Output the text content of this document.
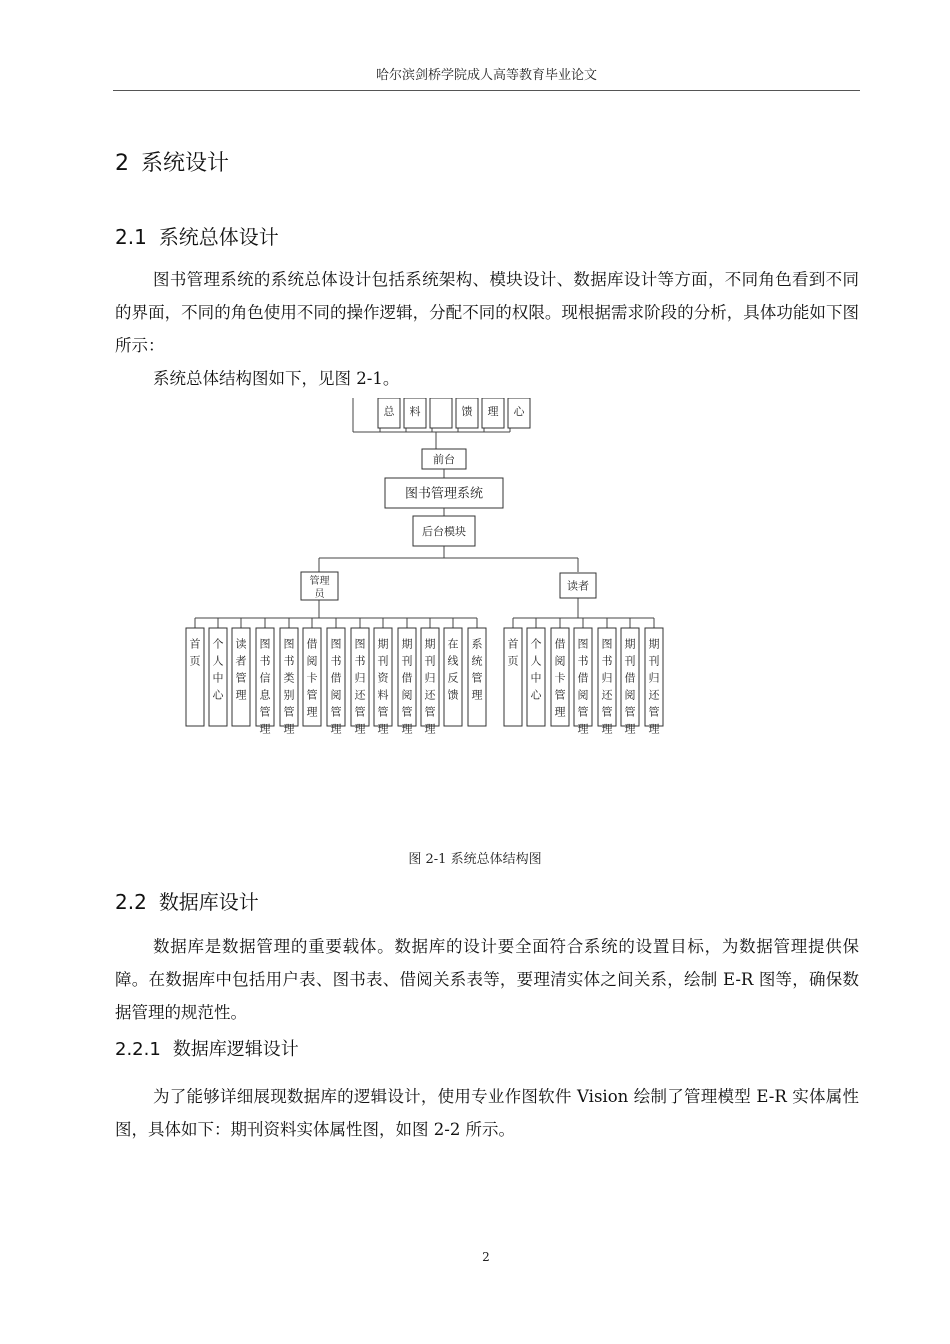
哈尔滨剑桥学院成人高等教育毕业论文
2 系统设计
2.1 系统总体设计

图书管理系统的系统总体设计包括系统架构、模块设计、数据库设计等方面，不同角色看到不同的界面，不同的角色使用不同的操作逻辑，分配不同的权限。现根据需求阶段的分析，具体功能如下图所示：

系统总体结构图如下，见图 2-1。

总 料	馈 理 心
前台
图书管理系统
后台模块
管理
员
读者
首
页
个
人
中
心
读
者
管
理
图
书
信
息
管
理
图
书
类
别
管
理
借
阅
卡
管
理
图
书
借
阅
管
理
图
书
归
还
管
理
期
刊
资
料
管
理
期
刊
借
阅
管
理
期
刊
归
还
管
理
在
线
反
馈
系
统
管
理
首
页
个
人
中
心
借
阅
卡
管
理
图
书
借
阅
管
理
图
书
归
还
管
理
期
刊
借
阅
管
理
期
刊
归
还
管
理
图 2-1 系统总体结构图
2.2 数据库设计

数据库是数据管理的重要载体。数据库的设计要全面符合系统的设置目标，为数据管理提供保障。在数据库中包括用户表、图书表、借阅关系表等，要理清实体之间关系，绘制 E-R 图等，确保数据管理的规范性。

2.2.1 数据库逻辑设计

为了能够详细展现数据库的逻辑设计，使用专业作图软件 Vision 绘制了管理模型 E-R 实体属性图，具体如下：期刊资料实体属性图，如图 2-2 所示。

2
